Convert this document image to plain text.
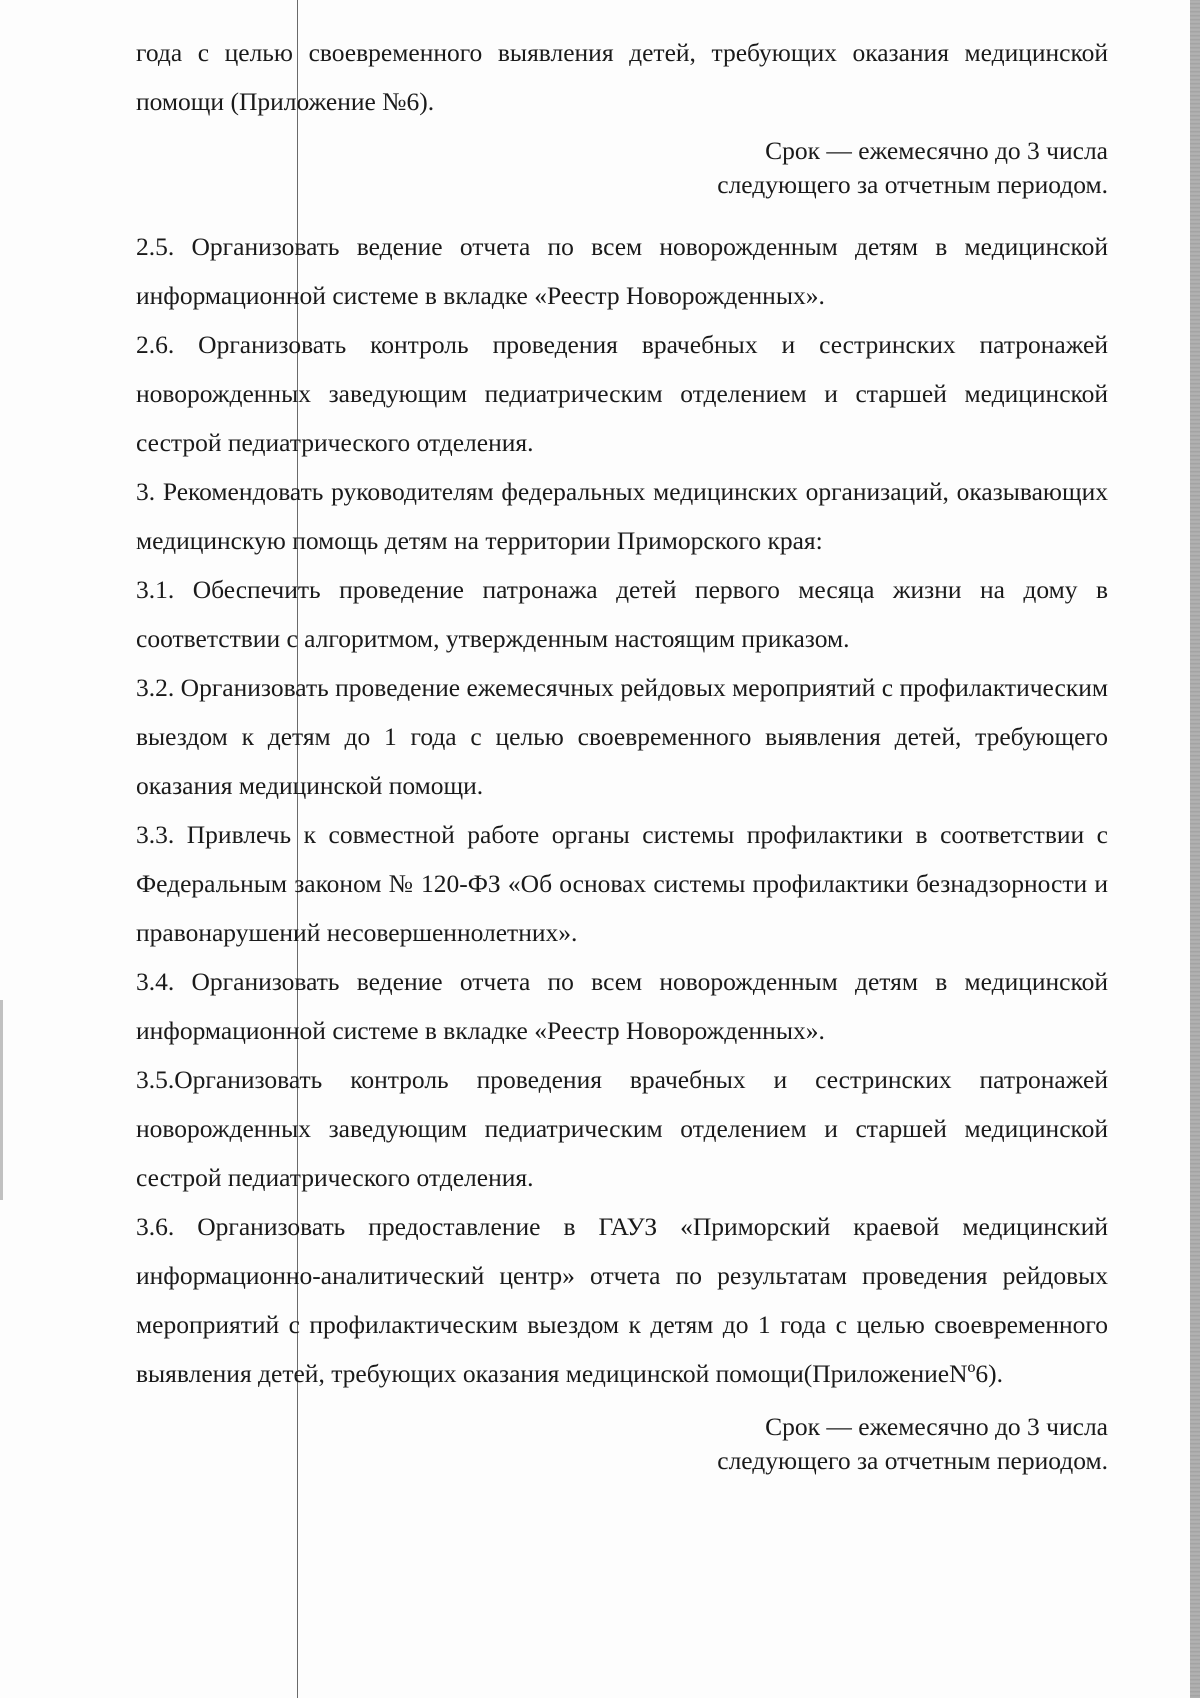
года с целью своевременного выявления детей, требующих оказания медицинской помощи (Приложение №6).

Срок — ежемесячно до 3 числа
следующего за отчетным периодом.

2.5. Организовать ведение отчета по всем новорожденным детям в медицинской информационной системе в вкладке «Реестр Новорожденных».

2.6. Организовать контроль проведения врачебных и сестринских патронажей новорожденных заведующим педиатрическим отделением и старшей медицинской сестрой педиатрического отделения.

3. Рекомендовать руководителям федеральных медицинских организаций, оказывающих медицинскую помощь детям на территории Приморского края:

3.1. Обеспечить проведение патронажа детей первого месяца жизни на дому в соответствии с алгоритмом, утвержденным настоящим приказом.

3.2. Организовать проведение ежемесячных рейдовых мероприятий с профилактическим выездом к детям до 1 года с целью своевременного выявления детей, требующего оказания медицинской помощи.

3.3. Привлечь к совместной работе органы системы профилактики в соответствии с Федеральным законом № 120-ФЗ «Об основах системы профилактики безнадзорности и правонарушений несовершеннолетних».

3.4. Организовать ведение отчета по всем новорожденным детям в медицинской информационной системе в вкладке «Реестр Новорожденных».

3.5.Организовать контроль проведения врачебных и сестринских патронажей новорожденных заведующим педиатрическим отделением и старшей медицинской сестрой педиатрического отделения.

3.6. Организовать предоставление в ГАУЗ «Приморский краевой медицинский информационно-аналитический центр» отчета по результатам проведения рейдовых мероприятий с профилактическим выездом к детям до 1 года с целью своевременного выявления детей, требующих оказания медицинской помощи(ПриложениеNº6).

Срок — ежемесячно до 3 числа
следующего за отчетным периодом.
